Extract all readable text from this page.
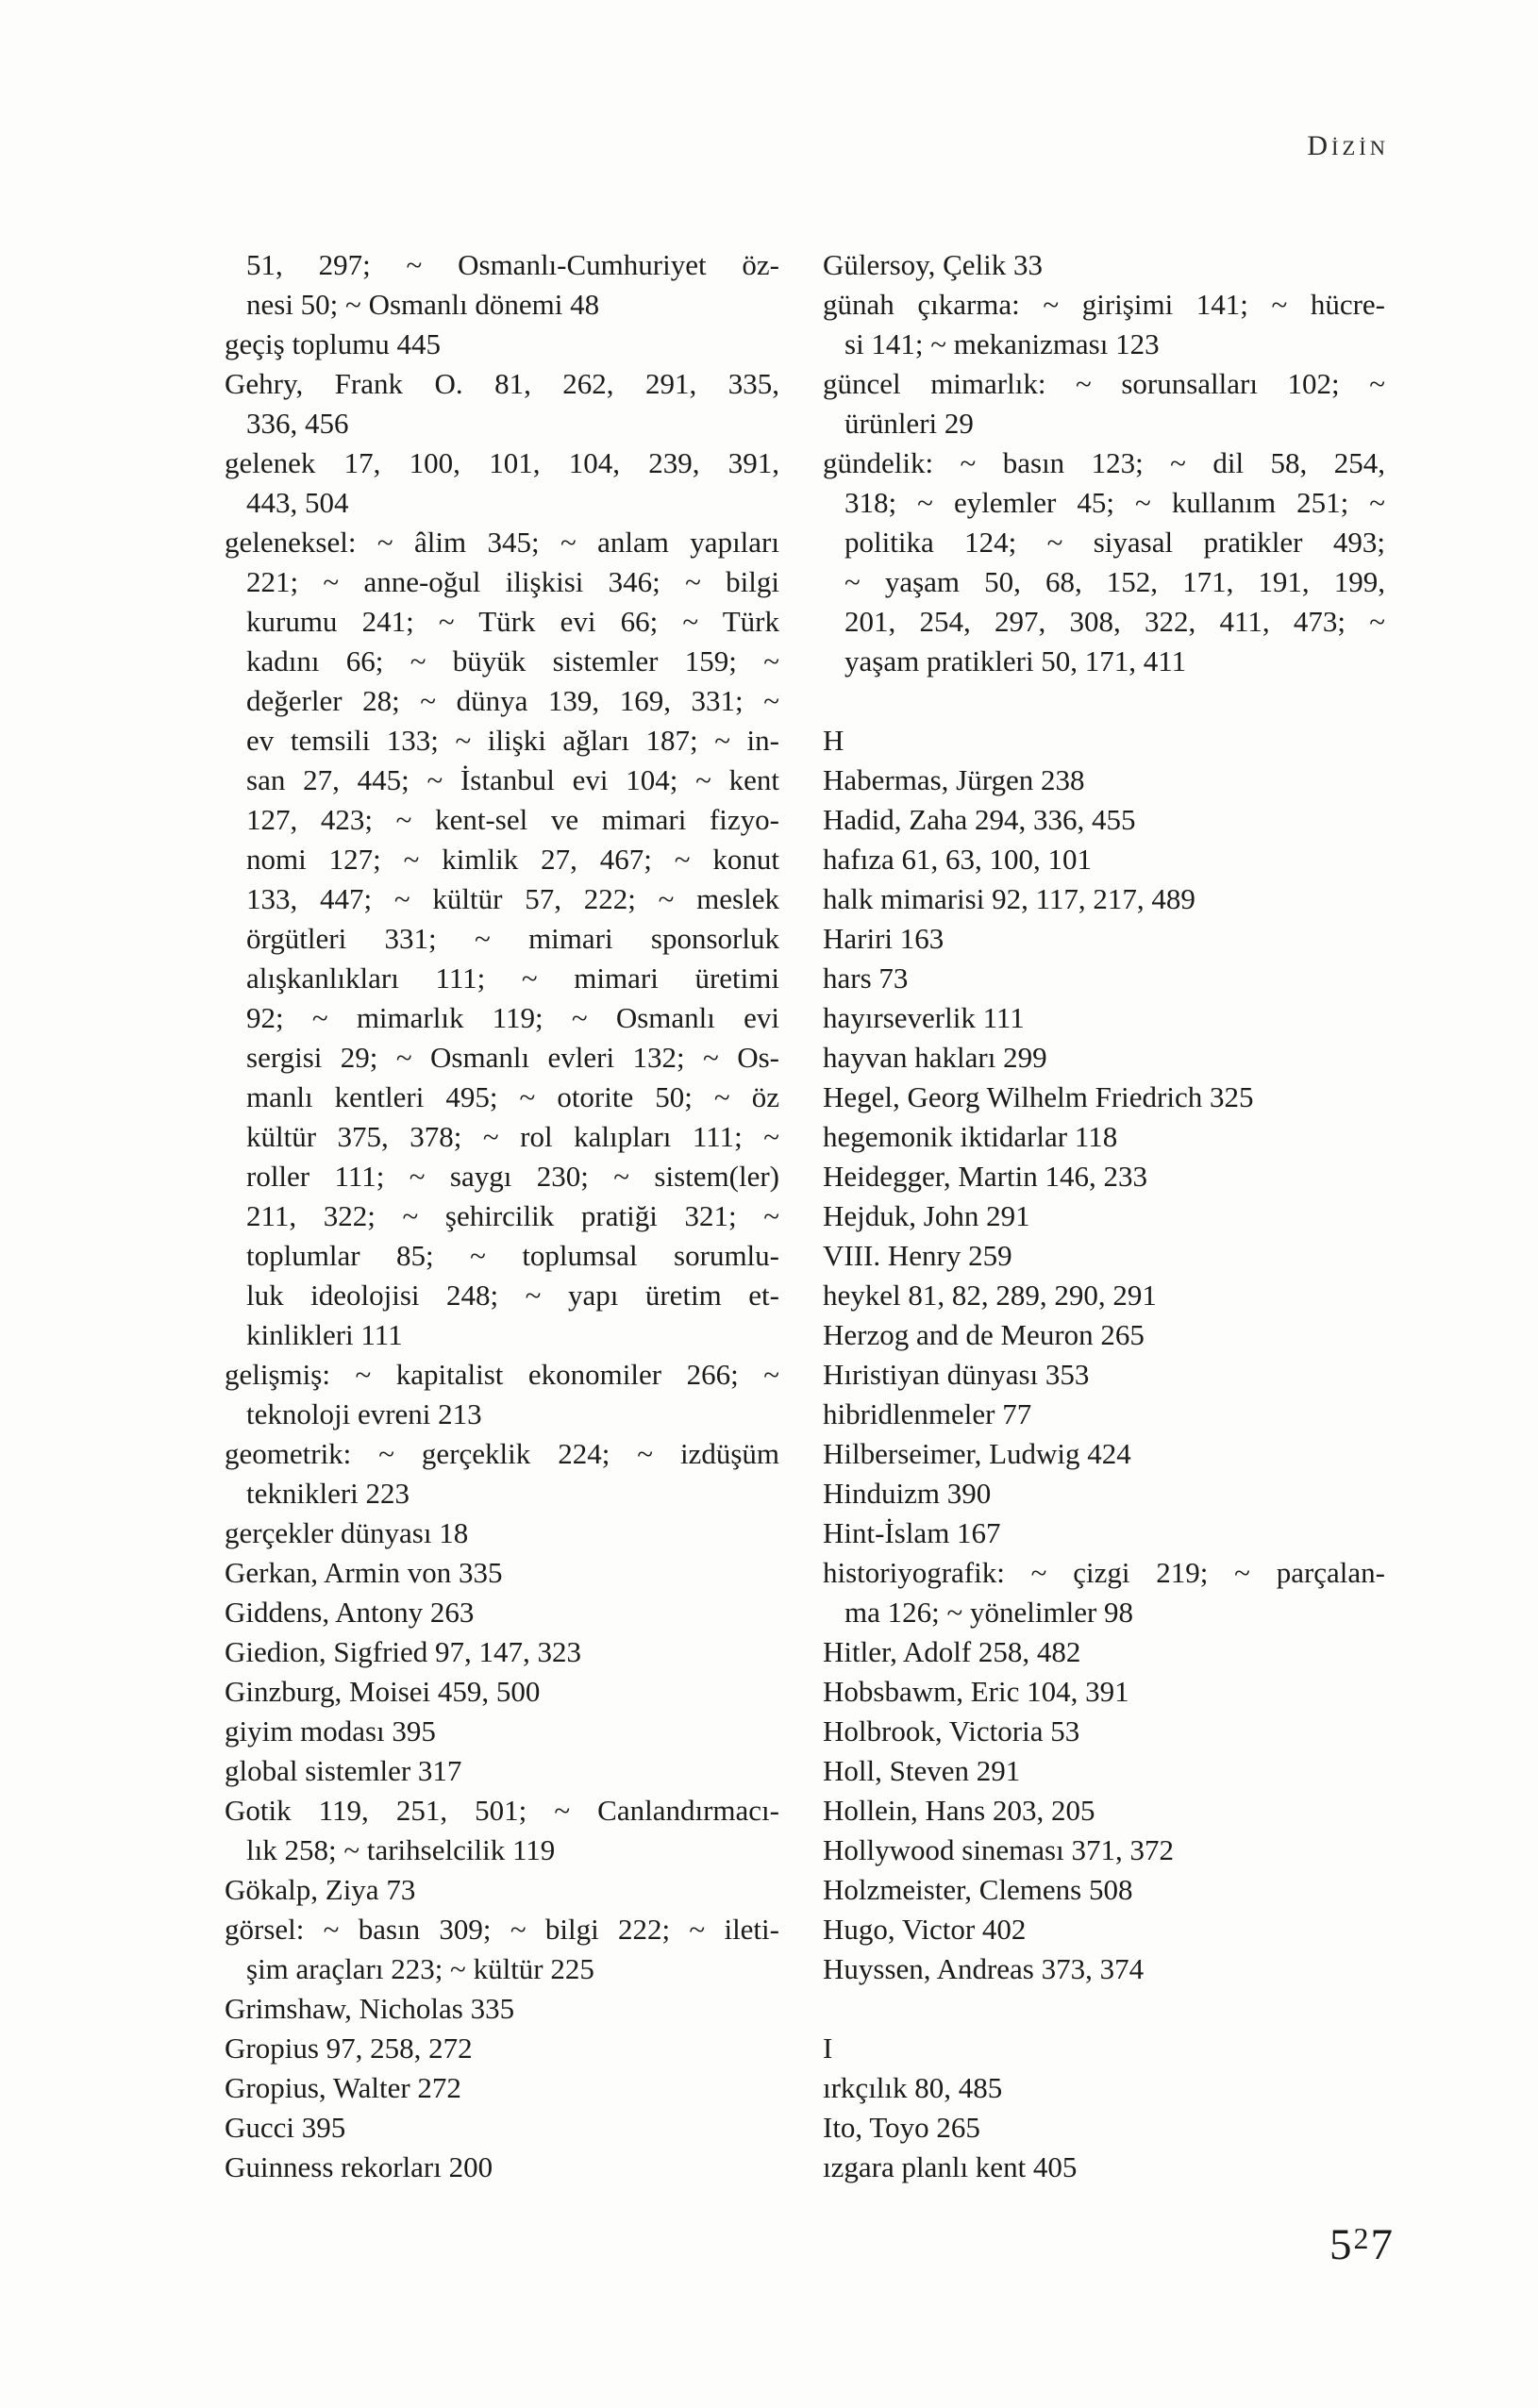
DİZİN
51, 297; ~ Osmanlı-Cumhuriyet öz-
nesi 50; ~ Osmanlı dönemi 48
geçiş toplumu 445
Gehry, Frank O. 81, 262, 291, 335,
336, 456
gelenek 17, 100, 101, 104, 239, 391,
443, 504
geleneksel: ~ âlim 345; ~ anlam yapıları
221; ~ anne-oğul ilişkisi 346; ~ bilgi
kurumu 241; ~ Türk evi 66; ~ Türk
kadını 66; ~ büyük sistemler 159; ~
değerler 28; ~ dünya 139, 169, 331; ~
ev temsili 133; ~ ilişki ağları 187; ~ in-
san 27, 445; ~ İstanbul evi 104; ~ kent
127, 423; ~ kent-sel ve mimari fizyo-
nomi 127; ~ kimlik 27, 467; ~ konut
133, 447; ~ kültür 57, 222; ~ meslek
örgütleri 331; ~ mimari sponsorluk
alışkanlıkları 111; ~ mimari üretimi
92; ~ mimarlık 119; ~ Osmanlı evi
sergisi 29; ~ Osmanlı evleri 132; ~ Os-
manlı kentleri 495; ~ otorite 50; ~ öz
kültür 375, 378; ~ rol kalıpları 111; ~
roller 111; ~ saygı 230; ~ sistem(ler)
211, 322; ~ şehircilik pratiği 321; ~
toplumlar 85; ~ toplumsal sorumlu-
luk ideolojisi 248; ~ yapı üretim et-
kinlikleri 111
gelişmiş: ~ kapitalist ekonomiler 266; ~
teknoloji evreni 213
geometrik: ~ gerçeklik 224; ~ izdüşüm
teknikleri 223
gerçekler dünyası 18
Gerkan, Armin von 335
Giddens, Antony 263
Giedion, Sigfried 97, 147, 323
Ginzburg, Moisei 459, 500
giyim modası 395
global sistemler 317
Gotik 119, 251, 501; ~ Canlandırmacı-
lık 258; ~ tarihselcilik 119
Gökalp, Ziya 73
görsel: ~ basın 309; ~ bilgi 222; ~ ileti-
şim araçları 223; ~ kültür 225
Grimshaw, Nicholas 335
Gropius 97, 258, 272
Gropius, Walter 272
Gucci 395
Guinness rekorları 200
Gülersoy, Çelik 33
günah çıkarma: ~ girişimi 141; ~ hücre-
si 141; ~ mekanizması 123
güncel mimarlık: ~ sorunsalları 102; ~
ürünleri 29
gündelik: ~ basın 123; ~ dil 58, 254,
318; ~ eylemler 45; ~ kullanım 251; ~
politika 124; ~ siyasal pratikler 493;
~ yaşam 50, 68, 152, 171, 191, 199,
201, 254, 297, 308, 322, 411, 473; ~
yaşam pratikleri 50, 171, 411
H
Habermas, Jürgen 238
Hadid, Zaha 294, 336, 455
hafıza 61, 63, 100, 101
halk mimarisi 92, 117, 217, 489
Hariri 163
hars 73
hayırseverlik 111
hayvan hakları 299
Hegel, Georg Wilhelm Friedrich 325
hegemonik iktidarlar 118
Heidegger, Martin 146, 233
Hejduk, John 291
VIII. Henry 259
heykel 81, 82, 289, 290, 291
Herzog and de Meuron 265
Hıristiyan dünyası 353
hibridlenmeler 77
Hilberseimer, Ludwig 424
Hinduizm 390
Hint-İslam 167
historiyografik: ~ çizgi 219; ~ parçalan-
ma 126; ~ yönelimler 98
Hitler, Adolf 258, 482
Hobsbawm, Eric 104, 391
Holbrook, Victoria 53
Holl, Steven 291
Hollein, Hans 203, 205
Hollywood sineması 371, 372
Holzmeister, Clemens 508
Hugo, Victor 402
Huyssen, Andreas 373, 374
I
ırkçılık 80, 485
Ito, Toyo 265
ızgara planlı kent 405
527
